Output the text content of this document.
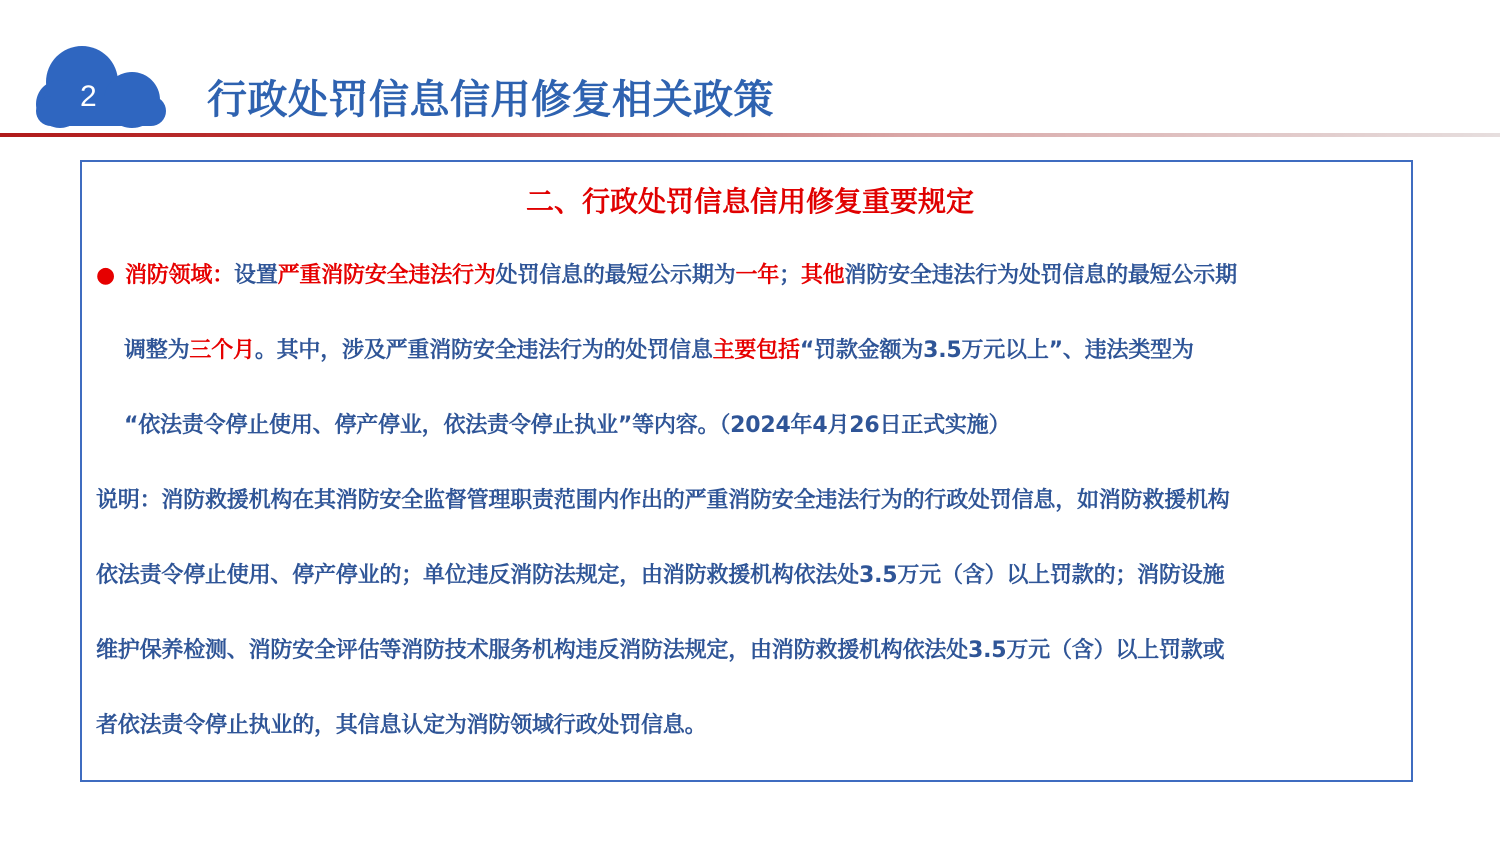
2	行政处罚信息信用修复相关政策
二、行政处罚信息信用修复重要规定
● 消防领域：设置严重消防安全违法行为处罚信息的最短公示期为一年；其他消防安全违法行为处罚信息的最短公示期
调整为三个月。其中，涉及严重消防安全违法行为的处罚信息主要包括“罚款金额为3.5万元以上”、违法类型为
“依法责令停止使用、停产停业，依法责令停止执业”等内容。（2024年4月26日正式实施）
说明：消防救援机构在其消防安全监督管理职责范围内作出的严重消防安全违法行为的行政处罚信息，如消防救援机构
依法责令停止使用、停产停业的；单位违反消防法规定，由消防救援机构依法处3.5万元（含）以上罚款的；消防设施
维护保养检测、消防安全评估等消防技术服务机构违反消防法规定，由消防救援机构依法处3.5万元（含）以上罚款或
者依法责令停止执业的，其信息认定为消防领域行政处罚信息。
